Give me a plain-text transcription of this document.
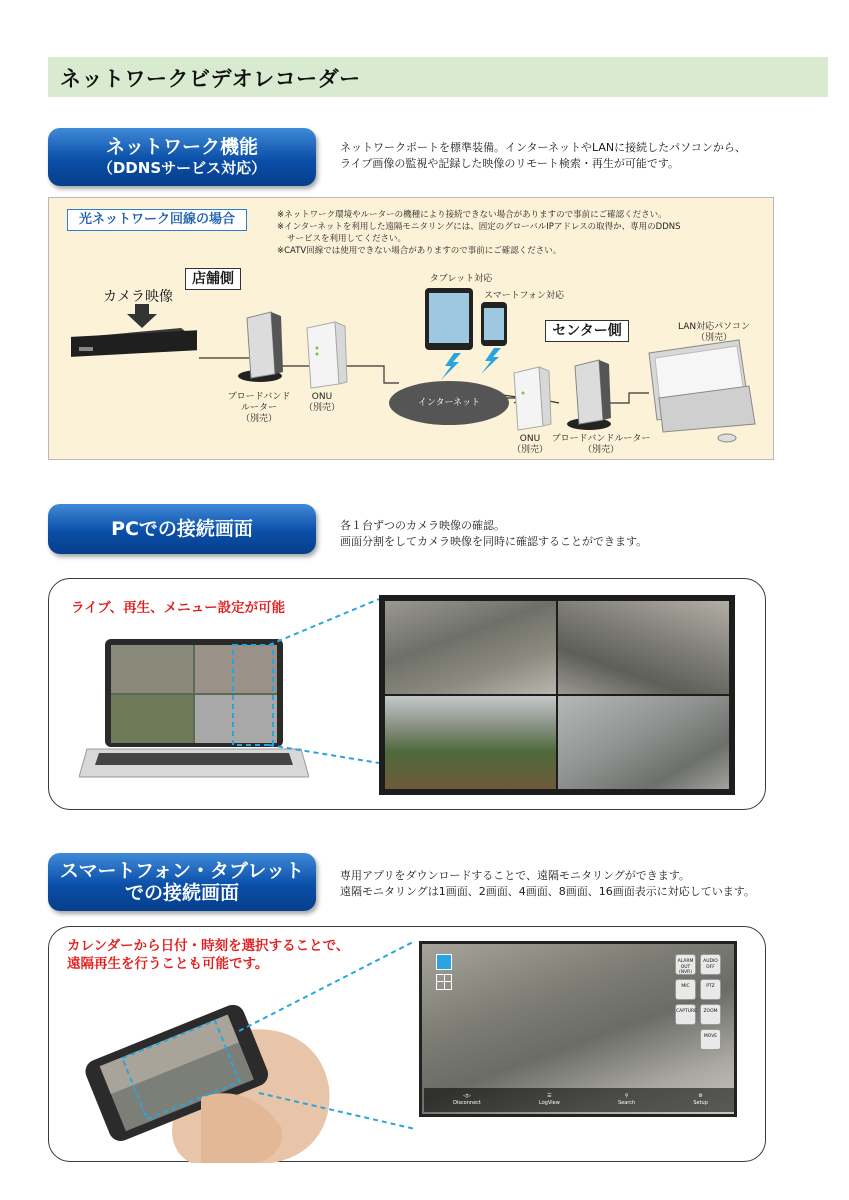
ネットワークビデオレコーダー
ネットワーク機能
（DDNSサービス対応）
ネットワークポートを標準装備。インターネットやLANに接続したパソコンから、
ライブ画像の監視や記録した映像のリモート検索・再生が可能です。
光ネットワーク回線の場合	※ネットワーク環境やルーターの機種により接続できない場合がありますので事前にご確認ください。
※インターネットを利用した遠隔モニタリングには、固定のグローバルIPアドレスの取得か、専用のDDNS
サービスを利用してください。
※CATV回線では使用できない場合がありますので事前にご確認ください。
カメラ映像
店舗側
センター側
ブロードバンド
ルーター
（別売）
ONU
（別売）	インターネット
タブレット対応
スマートフォン対応
ONU
（別売）
ブロードバンドルーター
（別売）
LAN対応パソコン
（別売）
PCでの接続画面	各１台ずつのカメラ映像の確認。
画面分割をしてカメラ映像を同時に確認することができます。
ライブ、再生、メニュー設定が可能
スマートフォン・タブレット
での接続画面
専用アプリをダウンロードすることで、遠隔モニタリングができます。
遠隔モニタリングは1画面、2画面、4画面、8画面、16画面表示に対応しています。
カレンダーから日付・時刻を選択することで、
遠隔再生を行うことも可能です。	ALARM OUT (NVR)
AUDIO OFF
MIC	PTZ
CAPTURE	ZOOM
MOVE
◁▷
Disconnect
☰
LogView
⚲
Search
⚙
Setup
